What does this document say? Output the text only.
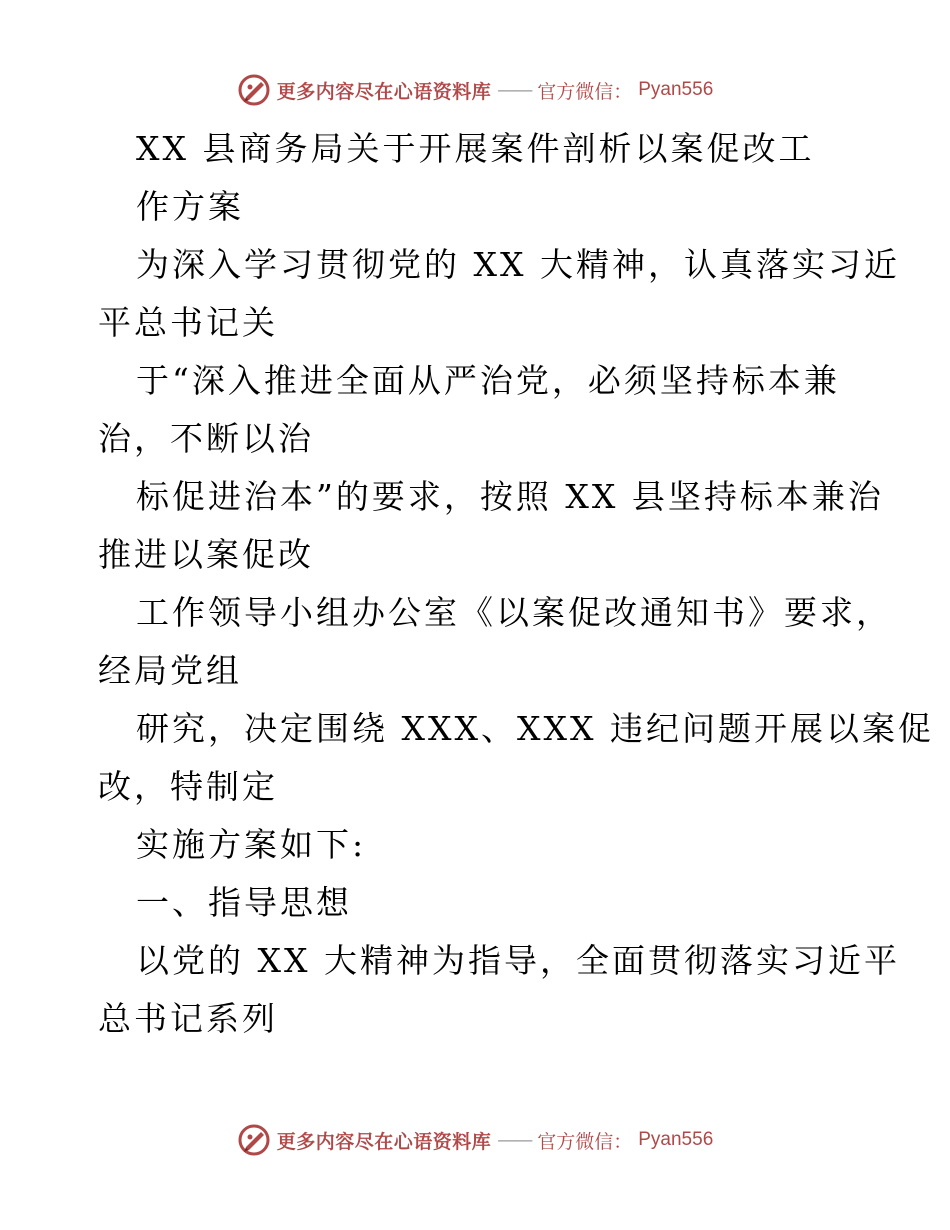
更多内容尽在心语资料库 —— 官方微信： Pyan556
XX 县商务局关于开展案件剖析以案促改工
作方案
为深入学习贯彻党的 XX 大精神，认真落实习近
平总书记关
于“深入推进全面从严治党，必须坚持标本兼
治，不断以治
标促进治本”的要求，按照 XX 县坚持标本兼治
推进以案促改
工作领导小组办公室《以案促改通知书》要求，
经局党组
研究，决定围绕 XXX、XXX 违纪问题开展以案促
改，特制定
实施方案如下:
一、指导思想
以党的 XX 大精神为指导，全面贯彻落实习近平
总书记系列
更多内容尽在心语资料库 —— 官方微信： Pyan556
